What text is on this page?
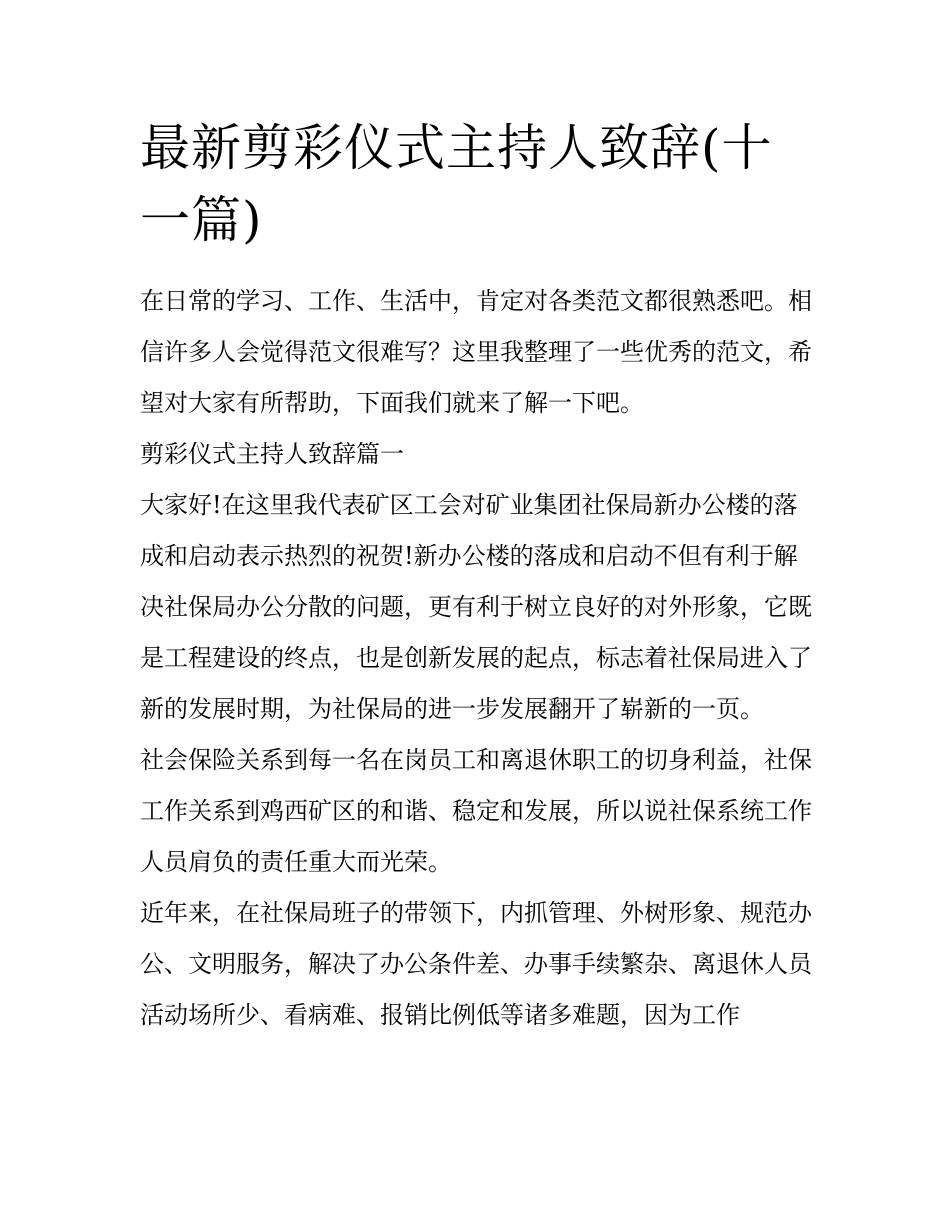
最新剪彩仪式主持人致辞(十一篇)

在日常的学习、工作、生活中，肯定对各类范文都很熟悉吧。相信许多人会觉得范文很难写？这里我整理了一些优秀的范文，希望对大家有所帮助，下面我们就来了解一下吧。

剪彩仪式主持人致辞篇一

大家好!在这里我代表矿区工会对矿业集团社保局新办公楼的落成和启动表示热烈的祝贺!新办公楼的落成和启动不但有利于解决社保局办公分散的问题，更有利于树立良好的对外形象，它既是工程建设的终点，也是创新发展的起点，标志着社保局进入了新的发展时期，为社保局的进一步发展翻开了崭新的一页。

社会保险关系到每一名在岗员工和离退休职工的切身利益，社保工作关系到鸡西矿区的和谐、稳定和发展，所以说社保系统工作人员肩负的责任重大而光荣。

近年来，在社保局班子的带领下，内抓管理、外树形象、规范办公、文明服务，解决了办公条件差、办事手续繁杂、离退休人员活动场所少、看病难、报销比例低等诸多难题，因为工作
